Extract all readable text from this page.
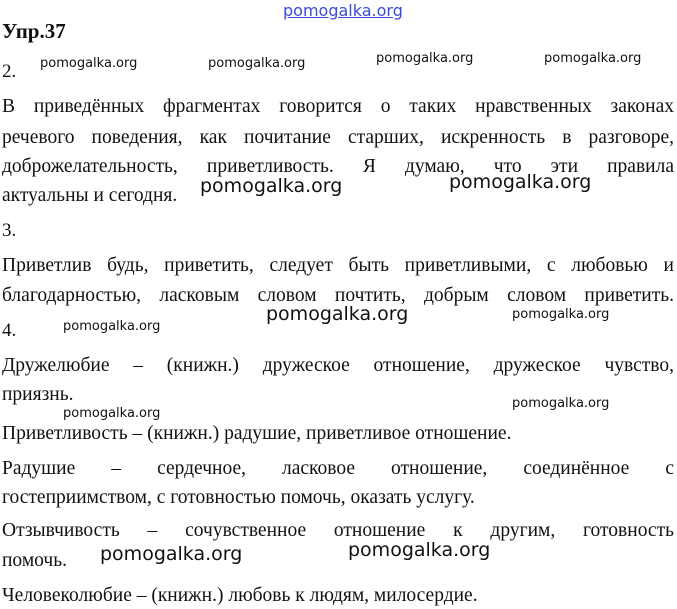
pomogalka.org
Упр.37
2. pomogalka.org	pomogalka.org	pomogalka.org	pomogalka.org
В приведённых фрагментах говорится о таких нравственных законах
речевого поведения, как почитание старших, искренность в разговоре,
доброжелательность, приветливость. Я думаю, что эти правила
актуальны и сегодня. pomogalka.org	pomogalka.org
3.
Приветлив будь, приветить, следует быть приветливыми, с любовью и
благодарностью, ласковым словом почтить, добрым словом приветить.
4.	pomogalka.org
pomogalka.org	pomogalka.org
Дружелюбие – (книжн.) дружеское отношение, дружеское чувство,
приязнь.
pomogalka.org
pomogalka.org
Приветливость – (книжн.) радушие, приветливое отношение.
Радушие – сердечное, ласковое отношение, соединённое с
гостеприимством, с готовностью помочь, оказать услугу.
Отзывчивость – сочувственное отношение к другим, готовность
помочь. pomogalka.org	pomogalka.org
Человеколюбие – (книжн.) любовь к людям, милосердие.
